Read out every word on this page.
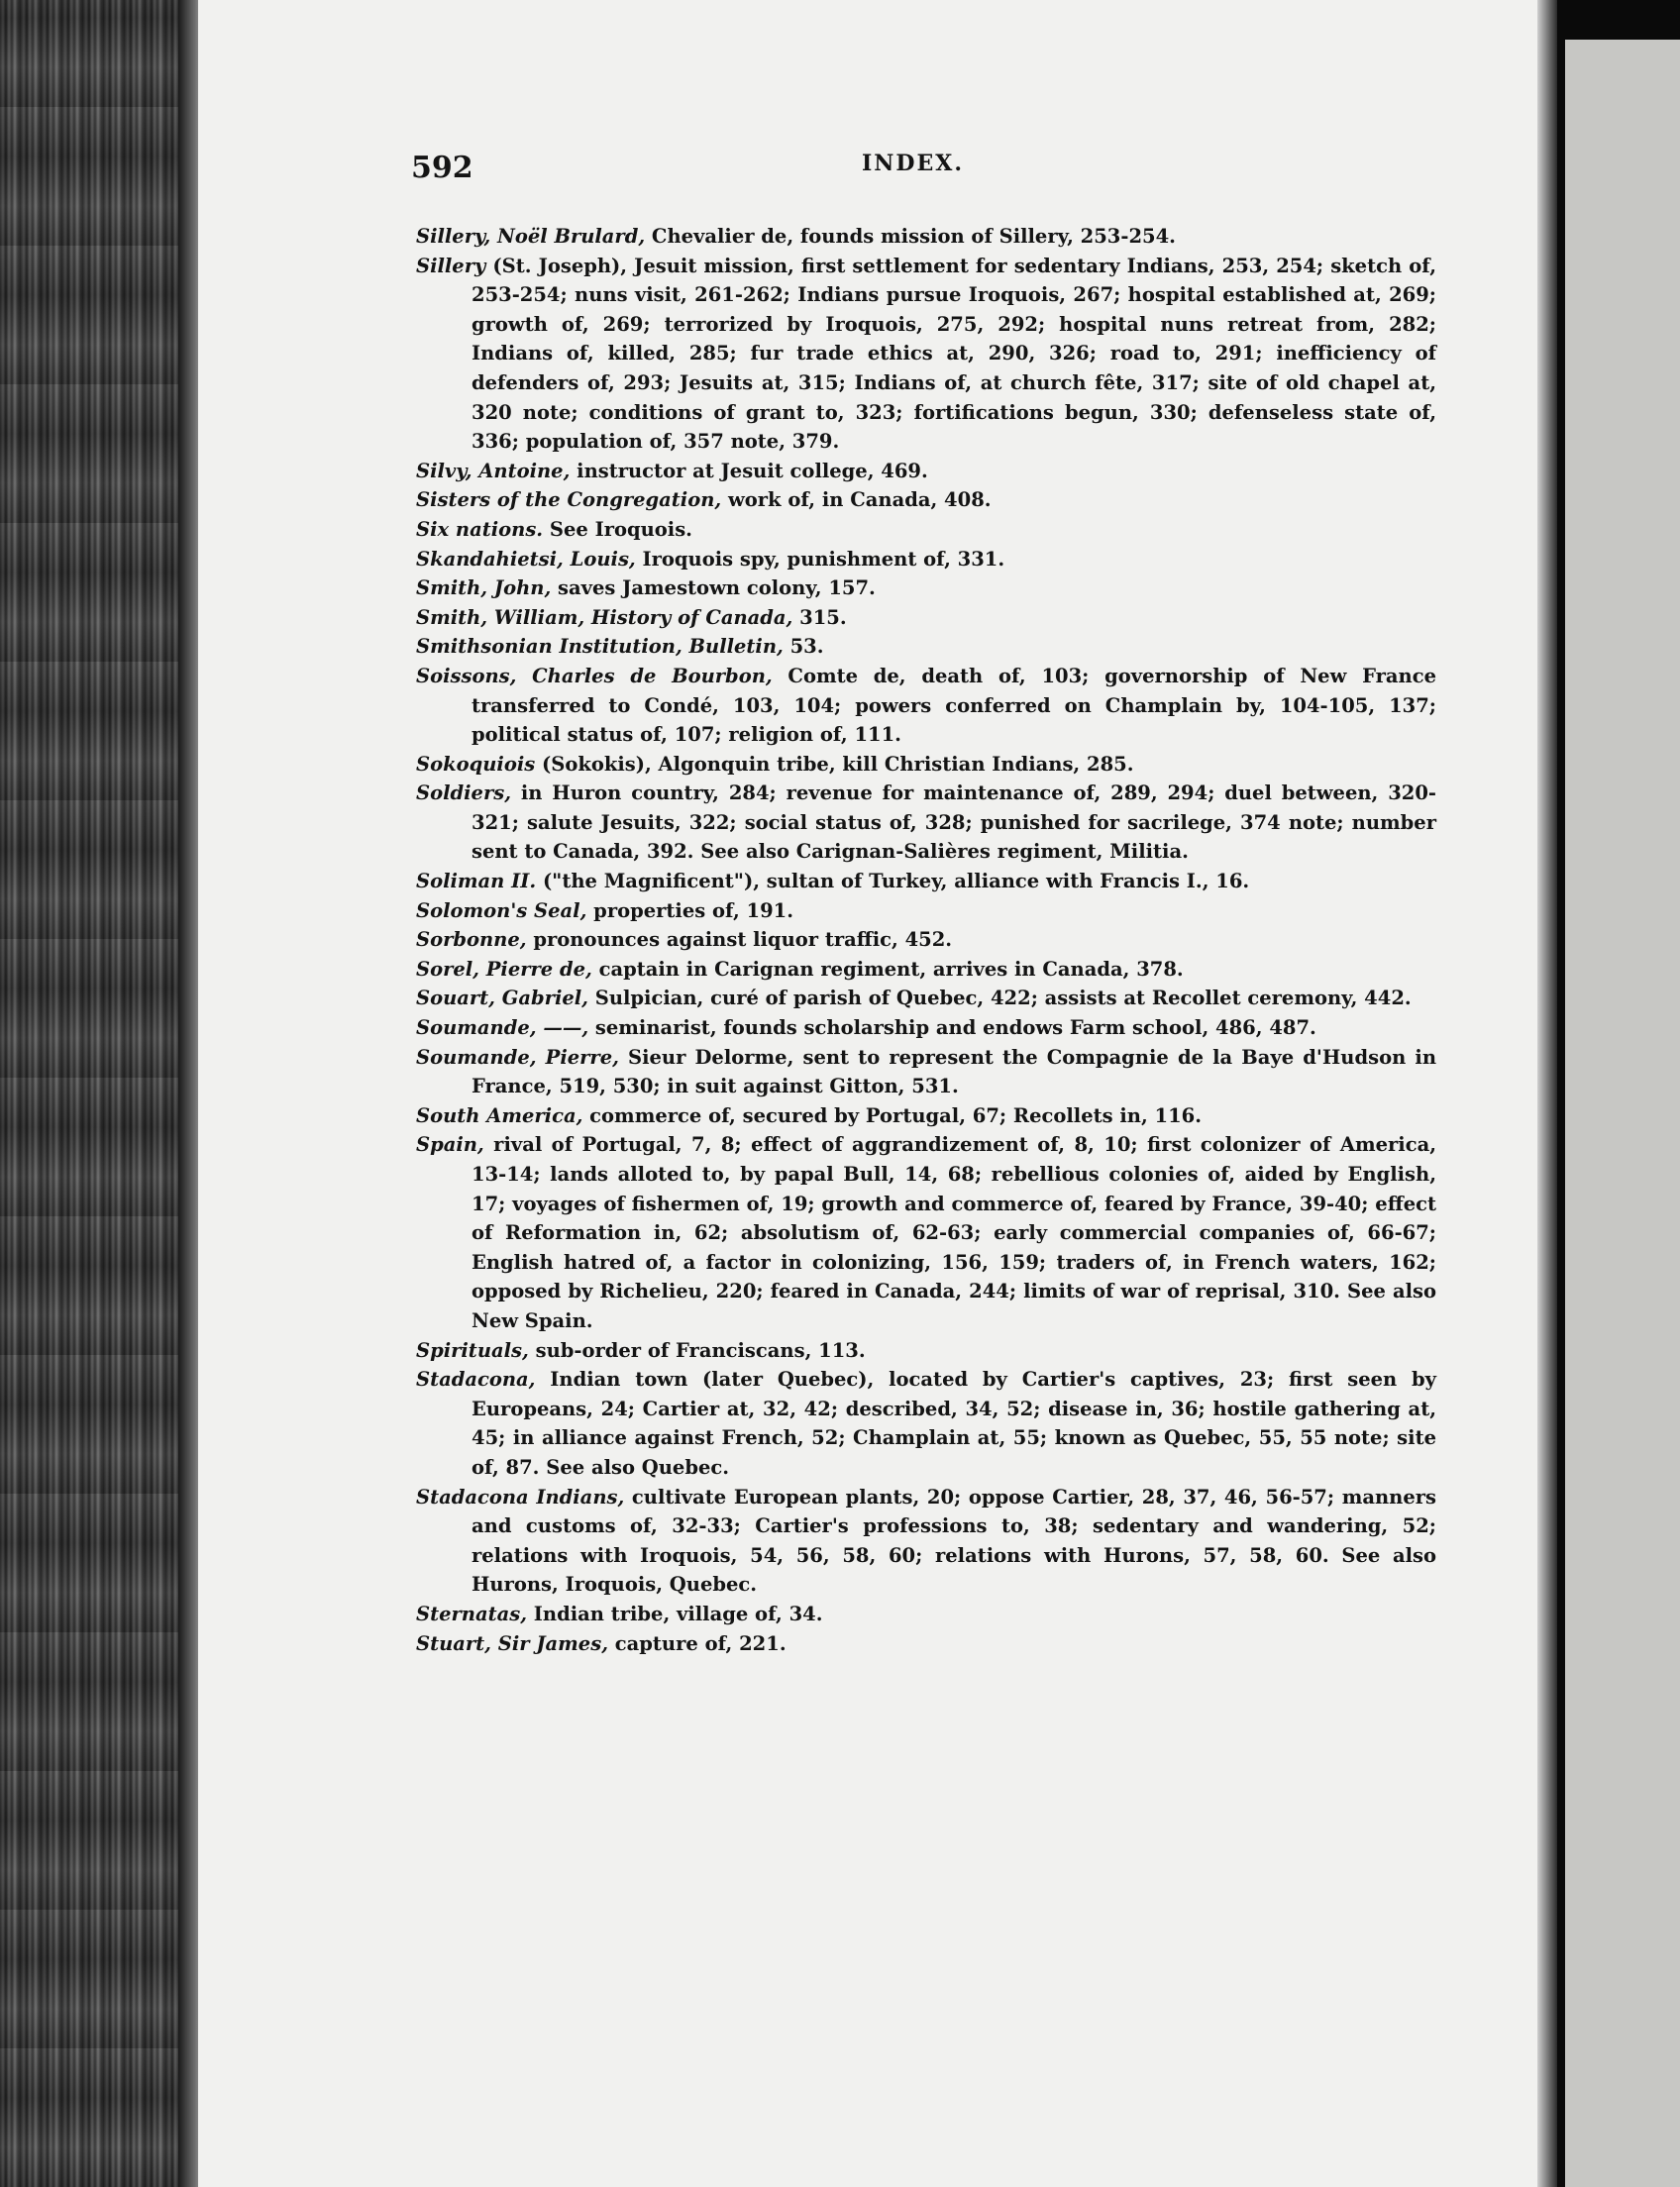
592	INDEX.

Sillery, Noël Brulard, Chevalier de, founds mission of Sillery, 253-254.

Sillery (St. Joseph), Jesuit mission, first settlement for sedentary Indians, 253, 254; sketch of, 253-254; nuns visit, 261-262; Indians pursue Iroquois, 267; hospital established at, 269; growth of, 269; terrorized by Iroquois, 275, 292; hospital nuns retreat from, 282; Indians of, killed, 285; fur trade ethics at, 290, 326; road to, 291; inefficiency of defenders of, 293; Jesuits at, 315; Indians of, at church fête, 317; site of old chapel at, 320 note; conditions of grant to, 323; fortifications begun, 330; defenseless state of, 336; population of, 357 note, 379.

Silvy, Antoine, instructor at Jesuit college, 469.

Sisters of the Congregation, work of, in Canada, 408.

Six nations. See Iroquois.

Skandahietsi, Louis, Iroquois spy, punishment of, 331.

Smith, John, saves Jamestown colony, 157.

Smith, William, History of Canada, 315.

Smithsonian Institution, Bulletin, 53.

Soissons, Charles de Bourbon, Comte de, death of, 103; governorship of New France transferred to Condé, 103, 104; powers conferred on Champlain by, 104-105, 137; political status of, 107; religion of, 111.

Sokoquiois (Sokokis), Algonquin tribe, kill Christian Indians, 285.

Soldiers, in Huron country, 284; revenue for maintenance of, 289, 294; duel between, 320-321; salute Jesuits, 322; social status of, 328; punished for sacrilege, 374 note; number sent to Canada, 392. See also Carignan-Salières regiment, Militia.

Soliman II. ("the Magnificent"), sultan of Turkey, alliance with Francis I., 16.

Solomon's Seal, properties of, 191.

Sorbonne, pronounces against liquor traffic, 452.

Sorel, Pierre de, captain in Carignan regiment, arrives in Canada, 378.

Souart, Gabriel, Sulpician, curé of parish of Quebec, 422; assists at Recollet ceremony, 442.

Soumande, ——, seminarist, founds scholarship and endows Farm school, 486, 487.

Soumande, Pierre, Sieur Delorme, sent to represent the Compagnie de la Baye d'Hudson in France, 519, 530; in suit against Gitton, 531.

South America, commerce of, secured by Portugal, 67; Recollets in, 116.

Spain, rival of Portugal, 7, 8; effect of aggrandizement of, 8, 10; first colonizer of America, 13-14; lands alloted to, by papal Bull, 14, 68; rebellious colonies of, aided by English, 17; voyages of fishermen of, 19; growth and commerce of, feared by France, 39-40; effect of Reformation in, 62; absolutism of, 62-63; early commercial companies of, 66-67; English hatred of, a factor in colonizing, 156, 159; traders of, in French waters, 162; opposed by Richelieu, 220; feared in Canada, 244; limits of war of reprisal, 310. See also New Spain.

Spirituals, sub-order of Franciscans, 113.

Stadacona, Indian town (later Quebec), located by Cartier's captives, 23; first seen by Europeans, 24; Cartier at, 32, 42; described, 34, 52; disease in, 36; hostile gathering at, 45; in alliance against French, 52; Champlain at, 55; known as Quebec, 55, 55 note; site of, 87. See also Quebec.

Stadacona Indians, cultivate European plants, 20; oppose Cartier, 28, 37, 46, 56-57; manners and customs of, 32-33; Cartier's professions to, 38; sedentary and wandering, 52; relations with Iroquois, 54, 56, 58, 60; relations with Hurons, 57, 58, 60. See also Hurons, Iroquois, Quebec.

Sternatas, Indian tribe, village of, 34.

Stuart, Sir James, capture of, 221.
